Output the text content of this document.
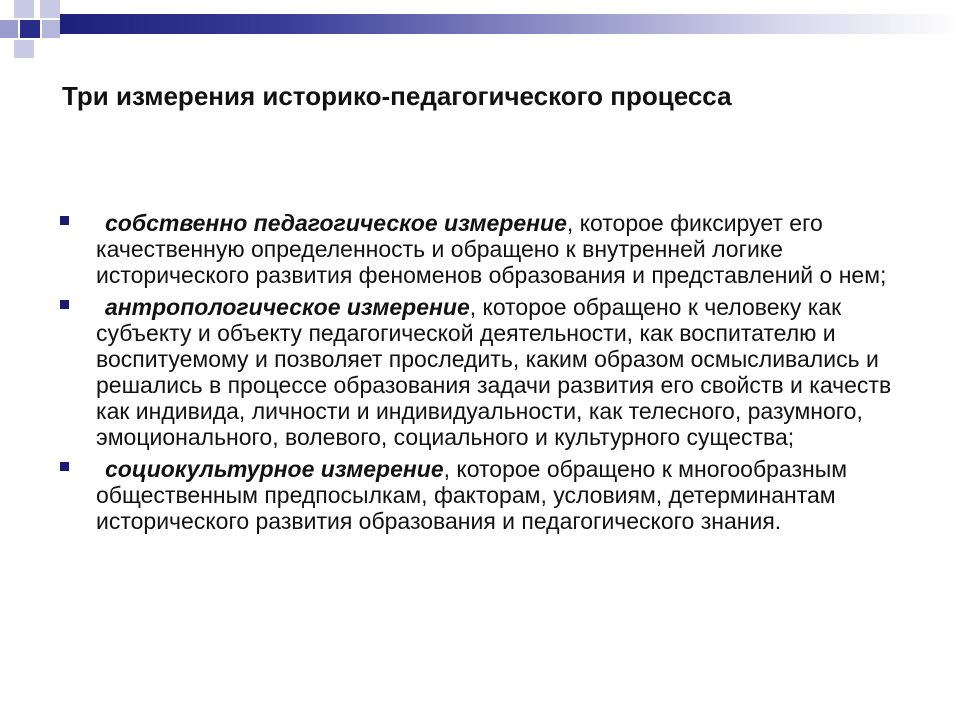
Три измерения историко-педагогического процесса
собственно педагогическое измерение, которое фиксирует его качественную определенность и обращено к внутренней логике исторического развития феноменов образования и представлений о нем;
антропологическое измерение, которое обращено к человеку как субъекту и объекту педагогической деятельности, как воспитателю и воспитуемому и позволяет проследить, каким образом осмысливались и решались в процессе образования задачи развития его свойств и качеств как индивида, личности и индивидуальности, как телесного, разумного, эмоционального, волевого, социального и культурного существа;
социокультурное измерение, которое обращено к многообразным общественным предпосылкам, факторам, условиям, детерминантам исторического развития образования и педагогического знания.
